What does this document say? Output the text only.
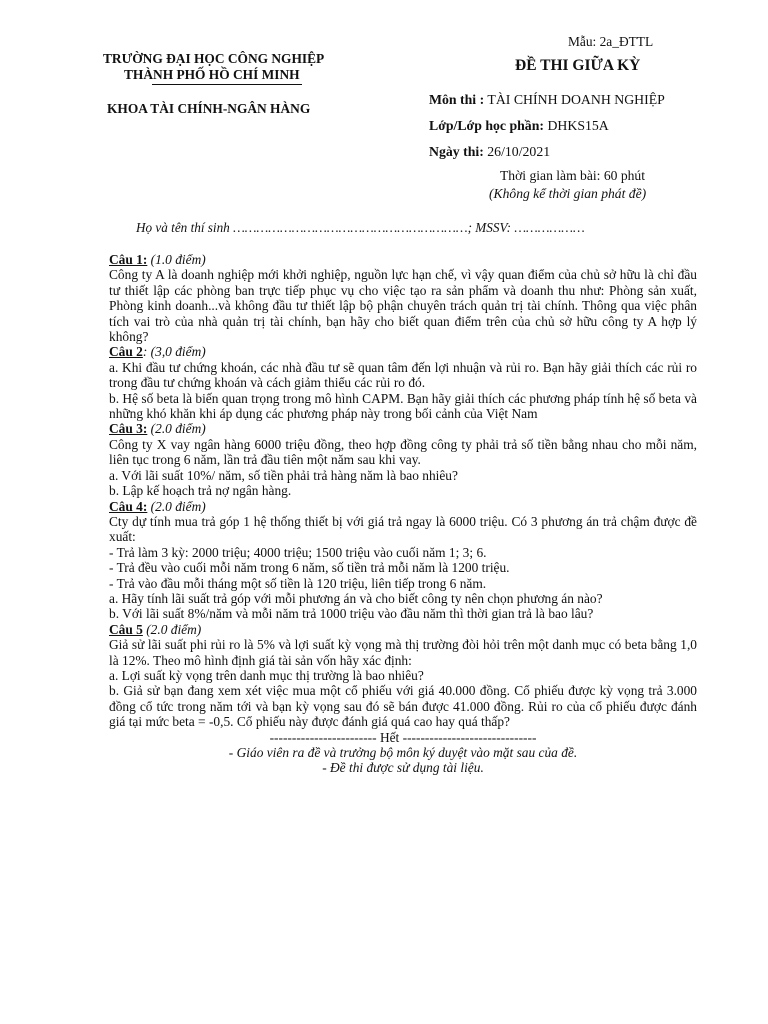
Mẫu: 2a_ĐTTL
TRƯỜNG ĐẠI HỌC CÔNG NGHIỆP
THÀNH PHỐ HỒ CHÍ MINH
KHOA TÀI CHÍNH-NGÂN HÀNG
ĐỀ THI GIỮA KỲ
Môn thi : TÀI CHÍNH DOANH NGHIỆP
Lớp/Lớp học phần: DHKS15A
Ngày thi: 26/10/2021
Thời gian làm bài: 60 phút
(Không kể thời gian phát đề)
Họ và tên thí sinh ……………………………………………………; MSSV: ………………

Câu 1: (1.0 điểm)

Công ty A là doanh nghiệp mới khởi nghiệp, nguồn lực hạn chế, vì vậy quan điểm của chủ sở hữu là chỉ đầu tư thiết lập các phòng ban trực tiếp phục vụ cho việc tạo ra sản phẩm và doanh thu như: Phòng sản xuất, Phòng kinh doanh...và không đầu tư thiết lập bộ phận chuyên trách quản trị tài chính. Thông qua việc phân tích vai trò của nhà quản trị tài chính, bạn hãy cho biết quan điểm trên của chủ sở hữu công ty A hợp lý không?

Câu 2: (3,0 điểm)

a. Khi đầu tư chứng khoán, các nhà đầu tư sẽ quan tâm đến lợi nhuận và rủi ro. Bạn hãy giải thích các rủi ro trong đầu tư chứng khoán và cách giảm thiểu các rủi ro đó.

b. Hệ số beta là biến quan trọng trong mô hình CAPM. Bạn hãy giải thích các phương pháp tính hệ số beta và những khó khăn khi áp dụng các phương pháp này trong bối cảnh của Việt Nam

Câu 3: (2.0 điểm)

Công ty X vay ngân hàng 6000 triệu đồng, theo hợp đồng công ty phải trả số tiền bằng nhau cho mỗi năm, liên tục trong 6 năm, lần trả đầu tiên một năm sau khi vay.

a. Với lãi suất 10%/ năm, số tiền phải trả hàng năm là bao nhiêu?

b. Lập kế hoạch trả nợ ngân hàng.

Câu 4: (2.0 điểm)

Cty dự tính mua trả góp 1 hệ thống thiết bị với giá trả ngay là 6000 triệu. Có 3 phương án trả chậm được đề xuất:

- Trả làm 3 kỳ: 2000 triệu; 4000 triệu; 1500 triệu vào cuối năm 1; 3; 6.

- Trả đều vào cuối mỗi năm trong 6 năm, số tiền trả mỗi năm là 1200 triệu.

- Trả vào đầu mỗi tháng một số tiền là 120 triệu, liên tiếp trong 6 năm.

a. Hãy tính lãi suất trả góp với mỗi phương án và cho biết công ty nên chọn phương án nào?

b. Với lãi suất 8%/năm và mỗi năm trả 1000 triệu vào đầu năm thì thời gian trả là bao lâu?

Câu 5 (2.0 điểm)

Giả sử lãi suất phi rủi ro là 5% và lợi suất kỳ vọng mà thị trường đòi hỏi trên một danh mục có beta bằng 1,0 là 12%. Theo mô hình định giá tài sản vốn hãy xác định:

a. Lợi suất kỳ vọng trên danh mục thị trường là bao nhiêu?

b. Giả sử bạn đang xem xét việc mua một cổ phiếu với giá 40.000 đồng. Cổ phiếu được kỳ vọng trả 3.000 đồng cổ tức trong năm tới và bạn kỳ vọng sau đó sẽ bán được 41.000 đồng. Rủi ro của cổ phiếu được đánh giá tại mức beta = -0,5. Cổ phiếu này được đánh giá quá cao hay quá thấp?

------------------------ Hết ------------------------------

- Giáo viên ra đề và trưởng bộ môn ký duyệt vào mặt sau của đề.

- Đề thi được sử dụng tài liệu.
